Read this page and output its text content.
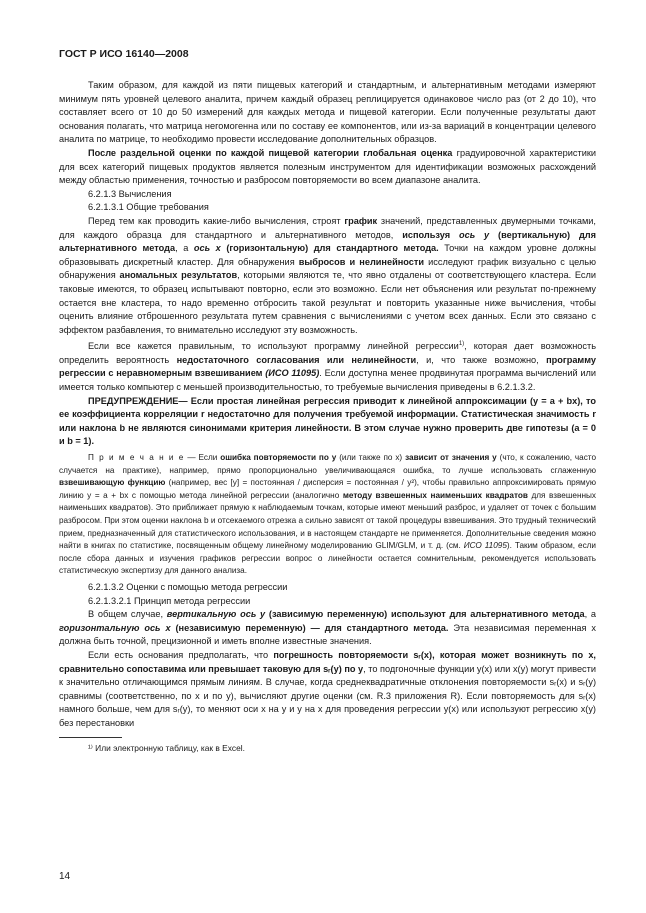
ГОСТ Р ИСО 16140—2008

Таким образом, для каждой из пяти пищевых категорий и стандартным, и альтернативным методами измеряют минимум пять уровней целевого аналита, причем каждый образец реплицируется одинаковое число раз (от 2 до 10), что составляет всего от 10 до 50 измерений для каждых метода и пищевой категории. Если полученные результаты дают основания полагать, что матрица негомогенна или по составу ее компонентов, или из-за вариаций в концентрации целевого аналита по матрице, то необходимо провести исследование дополнительных образцов.

После раздельной оценки по каждой пищевой категории глобальная оценка градуировочной характеристики для всех категорий пищевых продуктов является полезным инструментом для идентификации возможных расхождений между областью применения, точностью и разбросом повторяемости во всем диапазоне аналита.

6.2.1.3 Вычисления

6.2.1.3.1 Общие требования

Перед тем как проводить какие-либо вычисления, строят график значений, представленных двумерными точками, для каждого образца для стандартного и альтернативного методов, используя ось y (вертикальную) для альтернативного метода, а ось x (горизонтальную) для стандартного метода. Точки на каждом уровне должны образовывать дискретный кластер. Для обнаружения выбросов и нелинейности исследуют график визуально с целью обнаружения аномальных результатов, которыми являются те, что явно отдалены от соответствующего кластера. Если таковые имеются, то образец испытывают повторно, если это возможно. Если нет объяснения или результат по-прежнему остается вне кластера, то надо временно отбросить такой результат и повторить указанные ниже вычисления, чтобы оценить влияние отброшенного результата путем сравнения с вычислениями с учетом всех данных. Если это связано с эффектом разбавления, то внимательно исследуют эту возможность.

Если все кажется правильным, то используют программу линейной регрессии$^{1)}$, которая дает возможность определить вероятность недостаточного согласования или нелинейности, и, что также возможно, программу регрессии с неравномерным взвешиванием (ИСО 11095). Если доступна менее продвинутая программа вычислений или имеется только компьютер с меньшей производительностью, то требуемые вычисления приведены в 6.2.1.3.2.

ПРЕДУПРЕЖДЕНИЕ— Если простая линейная регрессия приводит к линейной аппроксимации (y = a + bx), то ее коэффициента корреляции r недостаточно для получения требуемой информации. Статистическая значимость r или наклона b не являются синонимами критерия линейности. В этом случае нужно проверить две гипотезы (a = 0 и b = 1).

П р и м е ч а н и е — Если ошибка повторяемости по y (или также по x) зависит от значения y (что, к сожалению, часто случается на практике), например, прямо пропорционально увеличивающаяся ошибка, то лучше использовать сглаженную взвешивающую функцию (например, вес [y] = постоянная / дисперсия = постоянная / y²), чтобы правильно аппроксимировать прямую линию y = a + bx с помощью метода линейной регрессии (аналогично методу взвешенных наименьших квадратов для взвешенных наименьших квадратов). Это приближает прямую к наблюдаемым точкам, которые имеют меньший разброс, и удаляет от точек с большим разбросом. При этом оценки наклона b и отсекаемого отрезка a сильно зависят от такой процедуры взвешивания. Это трудный технический прием, предназначенный для статистического использования, и в настоящем стандарте не применяется. Дополнительные сведения можно найти в книгах по статистике, посвященным общему линейному моделированию GLIM/GLM, и т. д. (см. ИСО 11095). Таким образом, если после сбора данных и изучения графиков регрессии вопрос о линейности остается сомнительным, рекомендуется использовать статистическую экспертизу для данного анализа.

6.2.1.3.2 Оценки с помощью метода регрессии

6.2.1.3.2.1 Принцип метода регрессии

В общем случае, вертикальную ось y (зависимую переменную) используют для альтернативного метода, а горизонтальную ось x (независимую переменную) — для стандартного метода. Эта независимая переменная x должна быть точной, прецизионной и иметь вполне известные значения.

Если есть основания предполагать, что погрешность повторяемости sᵣ(x), которая может возникнуть по x, сравнительно сопоставима или превышает таковую для sᵣ(y) по y, то подгоночные функции y(x) или x(y) могут привести к значительно отличающимся прямым линиям. В случае, когда среднеквадратичные отклонения повторяемости sᵣ(x) и sᵣ(y) сравнимы (соответственно, по x и по y), вычисляют другие оценки (см. R.3 приложения R). Если повторяемость для sᵣ(x) намного больше, чем для sᵣ(y), то меняют оси x на y и y на x для проведения регрессии y(x) или используют регрессию x(y) без перестановки

¹⁾ Или электронную таблицу, как в Excel.

14
